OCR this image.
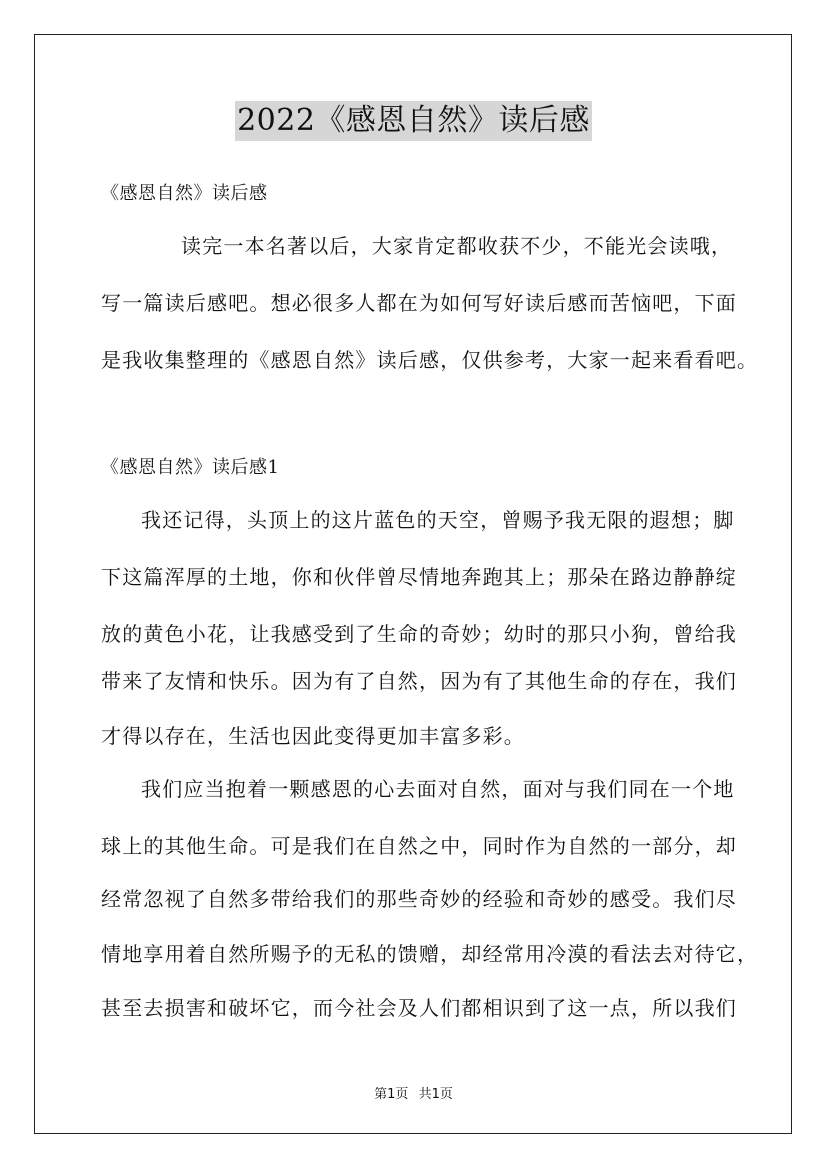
2022《感恩自然》读后感
《感恩自然》读后感
读完一本名著以后，大家肯定都收获不少，不能光会读哦，
写一篇读后感吧。想必很多人都在为如何写好读后感而苦恼吧，下面
是我收集整理的《感恩自然》读后感，仅供参考，大家一起来看看吧。
《感恩自然》读后感1
我还记得，头顶上的这片蓝色的天空，曾赐予我无限的遐想；脚
下这篇浑厚的土地，你和伙伴曾尽情地奔跑其上；那朵在路边静静绽
放的黄色小花，让我感受到了生命的奇妙；幼时的那只小狗，曾给我
带来了友情和快乐。因为有了自然，因为有了其他生命的存在，我们
才得以存在，生活也因此变得更加丰富多彩。
我们应当抱着一颗感恩的心去面对自然，面对与我们同在一个地
球上的其他生命。可是我们在自然之中，同时作为自然的一部分，却
经常忽视了自然多带给我们的那些奇妙的经验和奇妙的感受。我们尽
情地享用着自然所赐予的无私的馈赠，却经常用冷漠的看法去对待它，
甚至去损害和破坏它，而今社会及人们都相识到了这一点，所以我们
第1页 共1页
